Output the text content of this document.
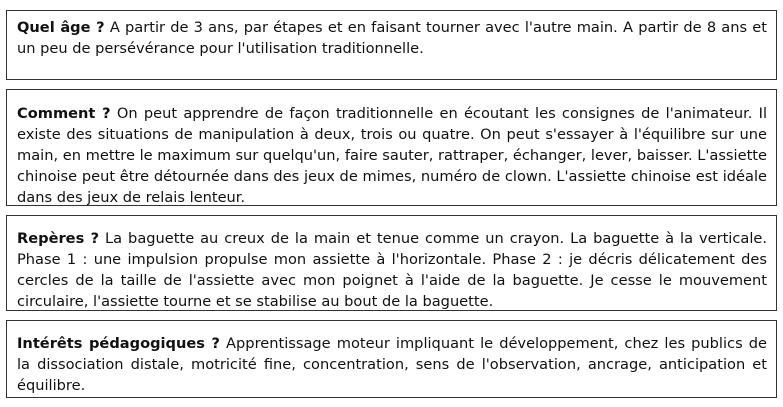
Quel âge ? A partir de 3 ans, par étapes et en faisant tourner avec l'autre main. A partir de 8 ans et un peu de persévérance pour l'utilisation traditionnelle.
Comment ? On peut apprendre de façon traditionnelle en écoutant les consignes de l'animateur. Il existe des situations de manipulation à deux, trois ou quatre. On peut s'essayer à l'équilibre sur une main, en mettre le maximum sur quelqu'un, faire sauter, rattraper, échanger, lever, baisser. L'assiette chinoise peut être détournée dans des jeux de mimes, numéro de clown. L'assiette chinoise est idéale dans des jeux de relais lenteur.
Repères ? La baguette au creux de la main et tenue comme un crayon. La baguette à la verticale. Phase 1 : une impulsion propulse mon assiette à l'horizontale. Phase 2 : je décris délicatement des cercles de la taille de l'assiette avec mon poignet à l'aide de la baguette. Je cesse le mouvement circulaire, l'assiette tourne et se stabilise au bout de la baguette.
Intérêts pédagogiques ? Apprentissage moteur impliquant le développement, chez les publics de la dissociation distale, motricité fine, concentration, sens de l'observation, ancrage, anticipation et équilibre.
